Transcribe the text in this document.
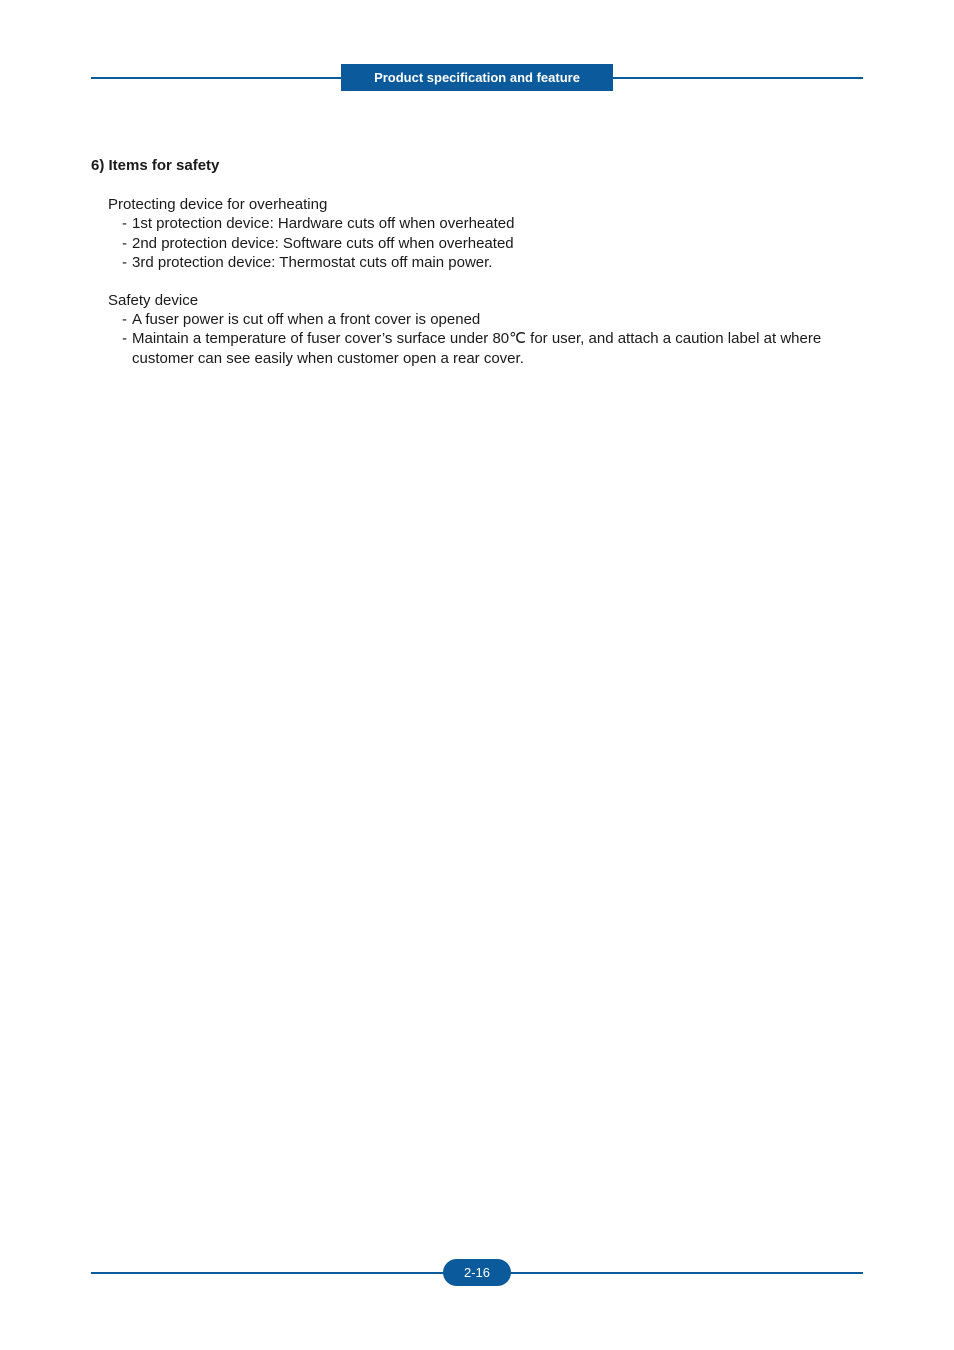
Product specification and feature
6) Items for safety
Protecting device for overheating
- 1st protection device: Hardware cuts off when overheated
- 2nd protection device: Software cuts off when overheated
- 3rd protection device: Thermostat cuts off main power.
Safety device
- A fuser power is cut off when a front cover is opened
- Maintain a temperature of fuser cover’s surface under 80℃ for user, and attach a caution label at where customer can see easily when customer open a rear cover.
2-16
